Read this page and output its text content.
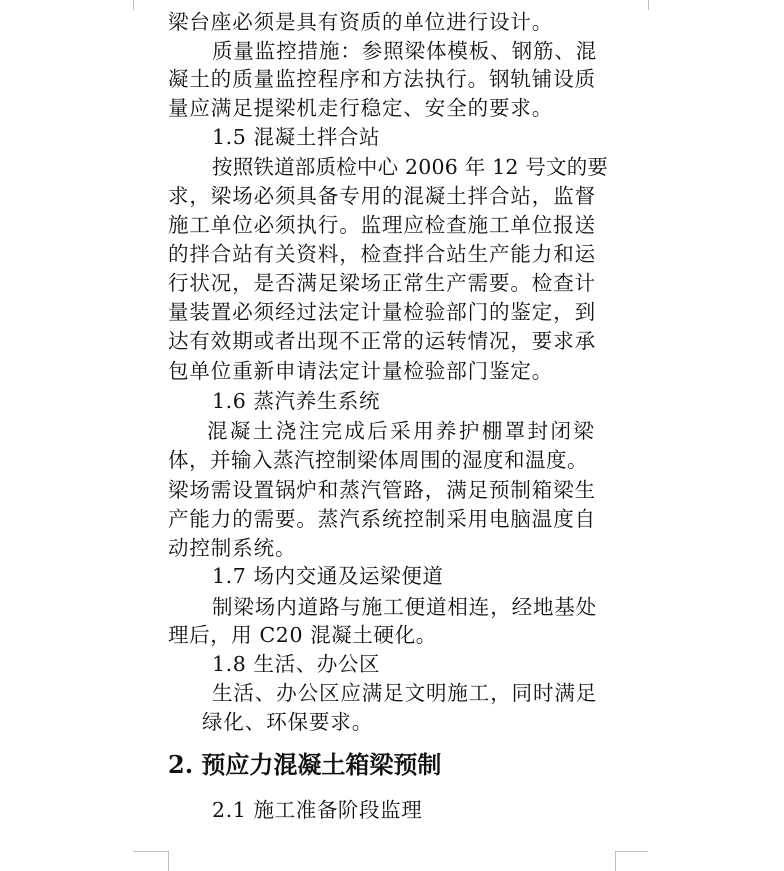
梁台座必须是具有资质的单位进行设计。
质量监控措施：参照梁体模板、钢筋、混
凝土的质量监控程序和方法执行。钢轨铺设质
量应满足提梁机走行稳定、安全的要求。
1.5 混凝土拌合站
按照铁道部质检中心 2006 年 12 号文的要
求，梁场必须具备专用的混凝土拌合站，监督
施工单位必须执行。监理应检查施工单位报送
的拌合站有关资料，检查拌合站生产能力和运
行状况，是否满足梁场正常生产需要。检查计
量装置必须经过法定计量检验部门的鉴定，到
达有效期或者出现不正常的运转情况，要求承
包单位重新申请法定计量检验部门鉴定。
1.6 蒸汽养生系统
混凝土浇注完成后采用养护棚罩封闭梁
体，并输入蒸汽控制梁体周围的湿度和温度。
梁场需设置锅炉和蒸汽管路，满足预制箱梁生
产能力的需要。蒸汽系统控制采用电脑温度自
动控制系统。
1.7 场内交通及运梁便道
制梁场内道路与施工便道相连，经地基处
理后，用 C20 混凝土硬化。
1.8 生活、办公区
生活、办公区应满足文明施工，同时满足
绿化、环保要求。
2. 预应力混凝土箱梁预制
2.1 施工准备阶段监理
